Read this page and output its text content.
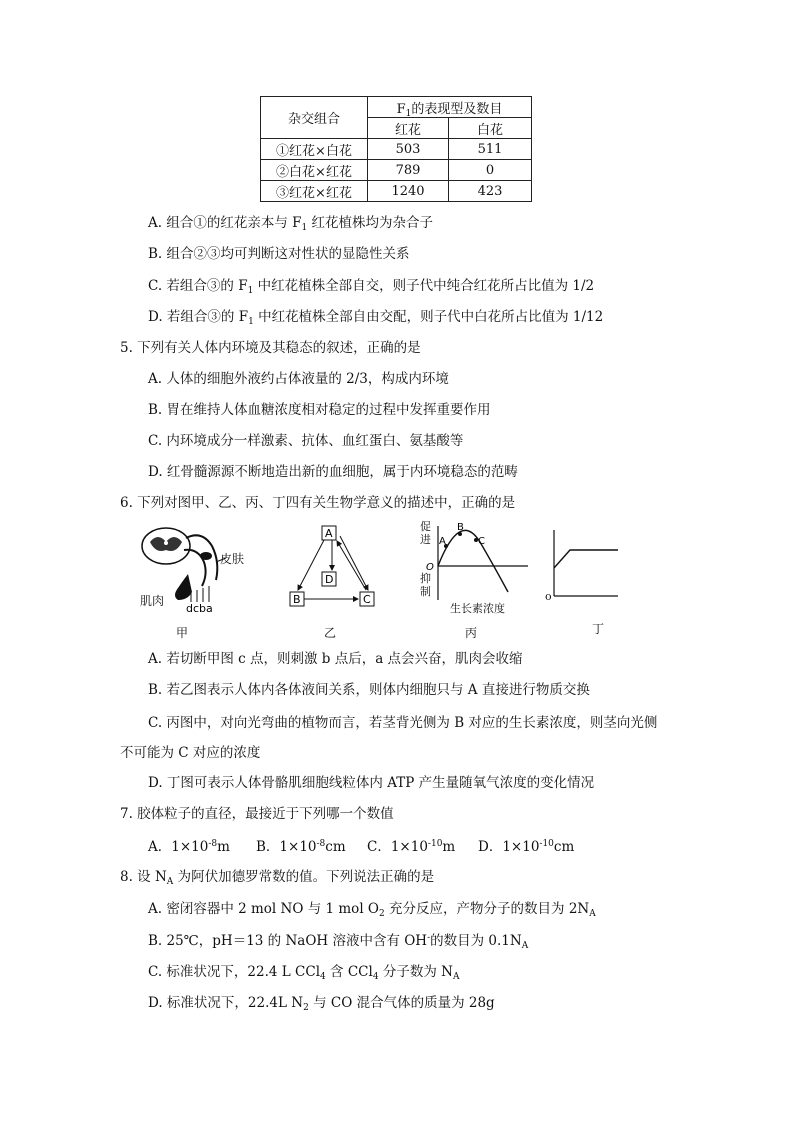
杂交组合	$F_1$的表现型及数目	
	红花	白花
①红花×白花	503	511
②白花×红花	789	0
③红花×红花	1240	423
A. 组合①的红花亲本与 $F_1$ 红花植株均为杂合子
B. 组合②③均可判断这对性状的显隐性关系
C. 若组合③的 $F_1$ 中红花植株全部自交，则子代中纯合红花所占比值为 1/2
D. 若组合③的 $F_1$ 中红花植株全部自由交配，则子代中白花所占比值为 1/12
5. 下列有关人体内环境及其稳态的叙述，正确的是
A. 人体的细胞外液约占体液量的 2/3，构成内环境
B. 胃在维持人体血糖浓度相对稳定的过程中发挥重要作用
C. 内环境成分一样激素、抗体、血红蛋白、氨基酸等
D. 红骨髓源源不断地造出新的血细胞，属于内环境稳态的范畴
6. 下列对图甲、乙、丙、丁四有关生物学意义的描述中，正确的是
dcba
皮肤
肌肉
甲
A
D
B	C
乙
A
B
C
O
促进
抑制
生长素浓度
丙
o
丁
A. 若切断甲图 c 点，则刺激 b 点后，a 点会兴奋，肌肉会收缩
B. 若乙图表示人体内各体液间关系，则体内细胞只与 A 直接进行物质交换
C. 丙图中，对向光弯曲的植物而言，若茎背光侧为 B 对应的生长素浓度，则茎向光侧
不可能为 C 对应的浓度
D. 丁图可表示人体骨骼肌细胞线粒体内 ATP 产生量随氧气浓度的变化情况
7. 胶体粒子的直径，最接近于下列哪一个数值
A．$1\times 10^{-8}m$ B．$1\times 10^{-8}cm$ C．$1\times 10^{-10}m$ D．$1\times 10^{-10}cm$
8. 设 $N_A$ 为阿伏加德罗常数的值。下列说法正确的是
A. 密闭容器中 2 mol NO 与 1 mol $O_2$ 充分反应，产物分子的数目为 $2N_A$
B. 25℃，pH＝13 的 NaOH 溶液中含有 OH-的数目为 $0.1N_A$
C. 标准状况下，22.4 L CCl$_4$ 含 CCl$_4$ 分子数为 $N_A$
D. 标准状况下，22.4L $N_2$ 与 CO 混合气体的质量为 28g
